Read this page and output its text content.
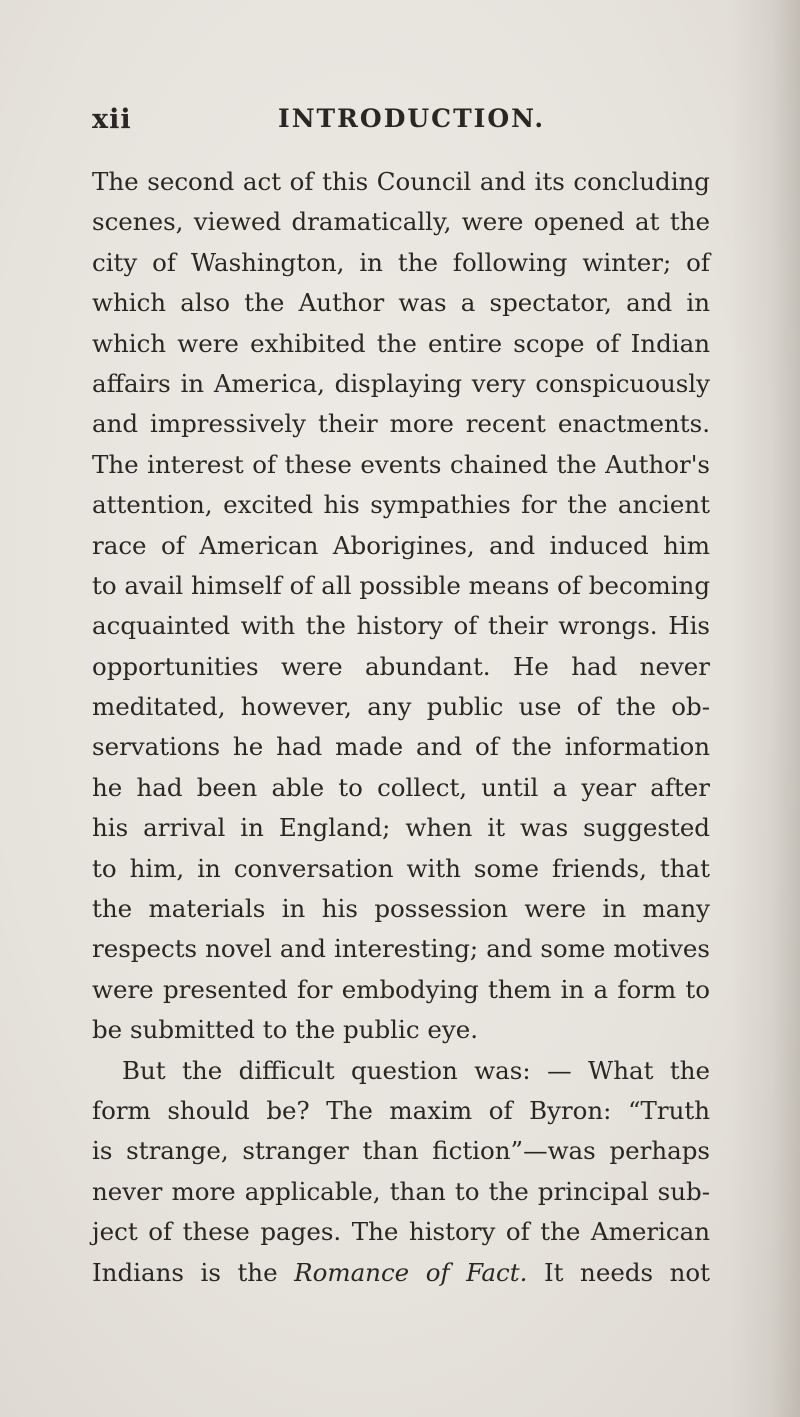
xii	INTRODUCTION.
The second act of this Council and its concluding
scenes, viewed dramatically, were opened at the
city of Washington, in the following winter; of
which also the Author was a spectator, and in
which were exhibited the entire scope of Indian
affairs in America, displaying very conspicuously
and impressively their more recent enactments.
The interest of these events chained the Author's
attention, excited his sympathies for the ancient
race of American Aborigines, and induced him
to avail himself of all possible means of becoming
acquainted with the history of their wrongs. His
opportunities were abundant. He had never
meditated, however, any public use of the ob-
servations he had made and of the information
he had been able to collect, until a year after
his arrival in England; when it was suggested
to him, in conversation with some friends, that
the materials in his possession were in many
respects novel and interesting; and some motives
were presented for embodying them in a form to
be submitted to the public eye.
But the difficult question was: — What the
form should be? The maxim of Byron: “Truth
is strange, stranger than fiction”—was perhaps
never more applicable, than to the principal sub-
ject of these pages. The history of the American
Indians is the Romance of Fact. It needs not
